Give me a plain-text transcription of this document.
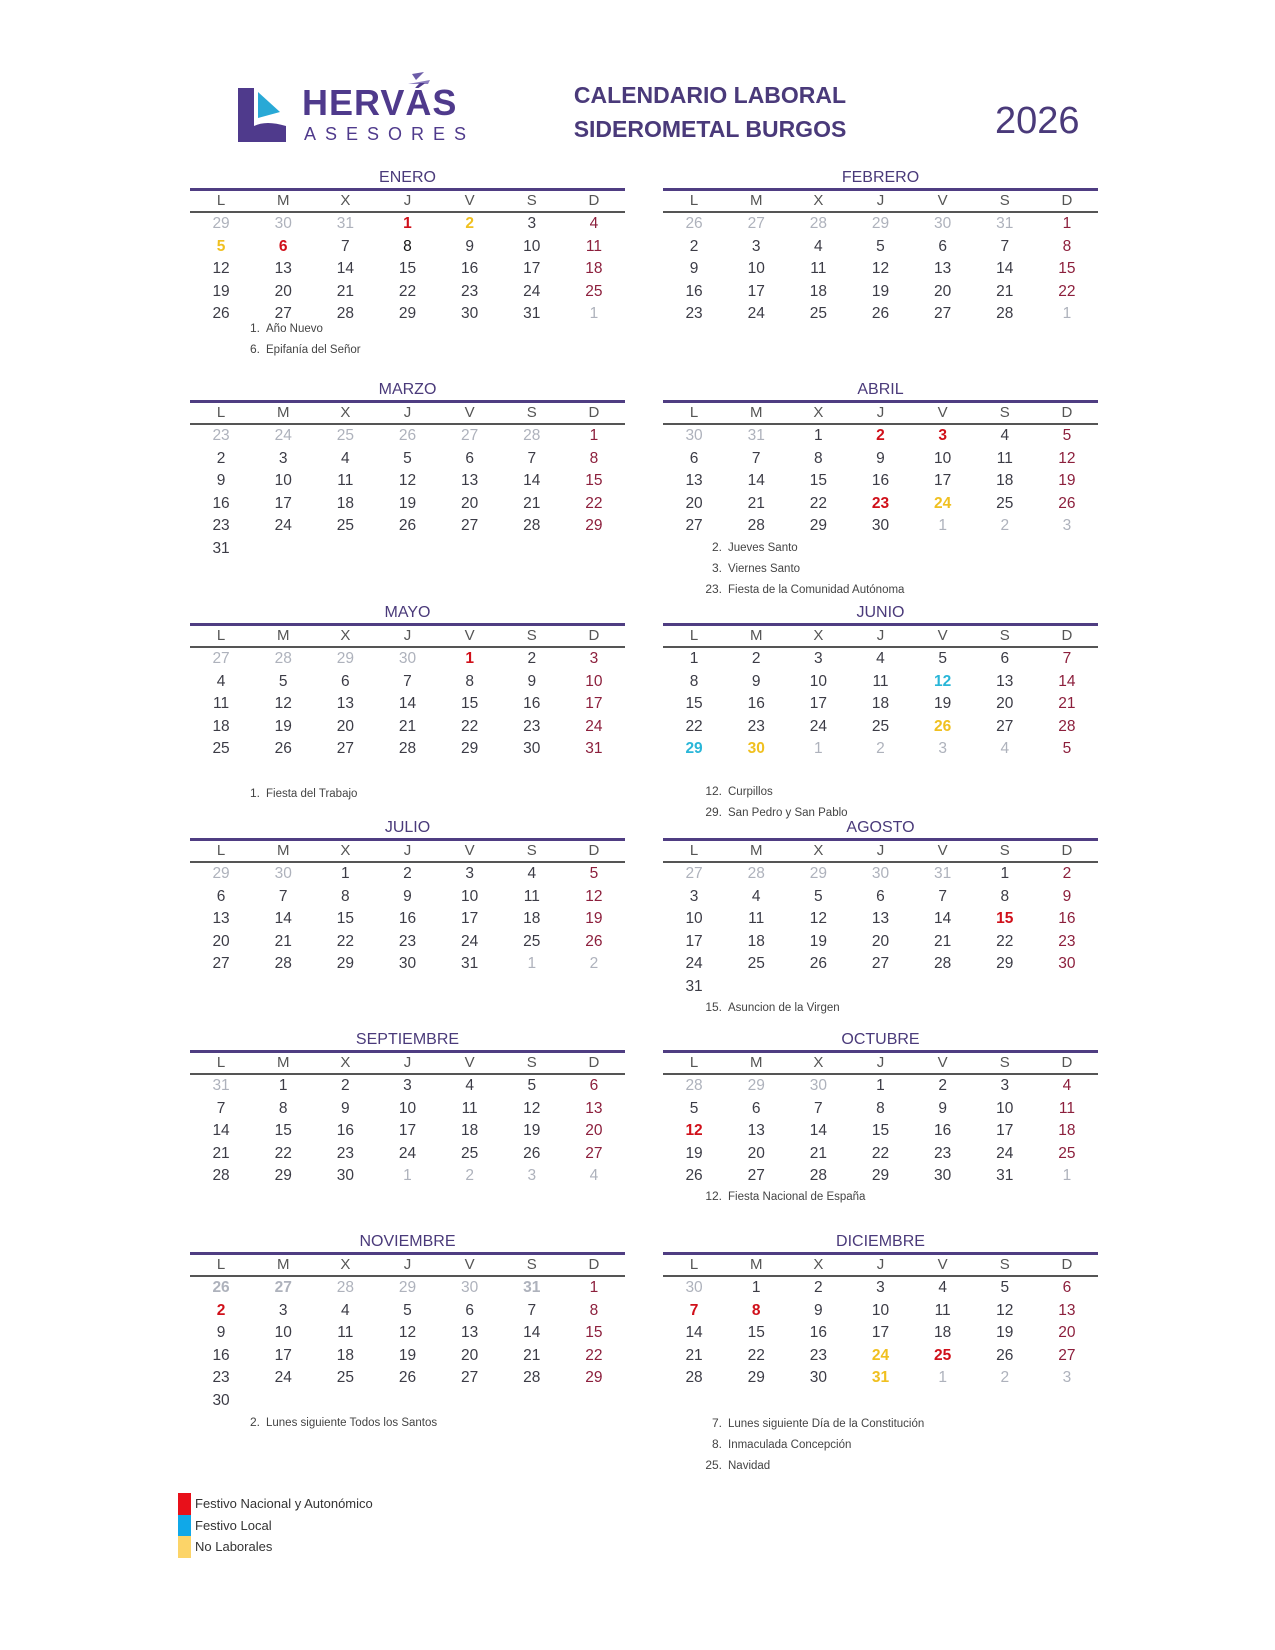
HERVÁS
ASESORES
CALENDARIO LABORAL
SIDEROMETAL BURGOS	2026
ENERO
L	M	X	J	V	S	D
29	30	31	1	2	3	4
5	6	7	8	9	10	11
12	13	14	15	16	17	18
19	20	21	22	23	24	25
26	27	28	29	30	31	1
1. Año Nuevo
6. Epifanía del Señor
FEBRERO
L	M	X	J	V	S	D
26	27	28	29	30	31	1
2	3	4	5	6	7	8
9	10	11	12	13	14	15
16	17	18	19	20	21	22
23	24	25	26	27	28	1
MARZO
L	M	X	J	V	S	D
23	24	25	26	27	28	1
2	3	4	5	6	7	8
9	10	11	12	13	14	15
16	17	18	19	20	21	22
23	24	25	26	27	28	29
31
ABRIL
L	M	X	J	V	S	D
30	31	1	2	3	4	5
6	7	8	9	10	11	12
13	14	15	16	17	18	19
20	21	22	23	24	25	26
27	28	29	30	1	2	3
2. Jueves Santo
3. Viernes Santo
23. Fiesta de la Comunidad Autónoma
MAYO
L	M	X	J	V	S	D
27	28	29	30	1	2	3
4	5	6	7	8	9	10
11	12	13	14	15	16	17
18	19	20	21	22	23	24
25	26	27	28	29	30	31
1. Fiesta del Trabajo
JUNIO
L	M	X	J	V	S	D
1	2	3	4	5	6	7
8	9	10	11	12	13	14
15	16	17	18	19	20	21
22	23	24	25	26	27	28
29	30	1	2	3	4	5
12. Curpillos
29. San Pedro y San Pablo
JULIO
L	M	X	J	V	S	D
29	30	1	2	3	4	5
6	7	8	9	10	11	12
13	14	15	16	17	18	19
20	21	22	23	24	25	26
27	28	29	30	31	1	2
AGOSTO
L	M	X	J	V	S	D
27	28	29	30	31	1	2
3	4	5	6	7	8	9
10	11	12	13	14	15	16
17	18	19	20	21	22	23
24	25	26	27	28	29	30
31
15. Asuncion de la Virgen
SEPTIEMBRE
L	M	X	J	V	S	D
31	1	2	3	4	5	6
7	8	9	10	11	12	13
14	15	16	17	18	19	20
21	22	23	24	25	26	27
28	29	30	1	2	3	4
OCTUBRE
L	M	X	J	V	S	D
28	29	30	1	2	3	4
5	6	7	8	9	10	11
12	13	14	15	16	17	18
19	20	21	22	23	24	25
26	27	28	29	30	31	1
12. Fiesta Nacional de España
NOVIEMBRE
L	M	X	J	V	S	D
26	27	28	29	30	31	1
2	3	4	5	6	7	8
9	10	11	12	13	14	15
16	17	18	19	20	21	22
23	24	25	26	27	28	29
30
2. Lunes siguiente Todos los Santos
DICIEMBRE
L	M	X	J	V	S	D
30	1	2	3	4	5	6
7	8	9	10	11	12	13
14	15	16	17	18	19	20
21	22	23	24	25	26	27
28	29	30	31	1	2	3
7. Lunes siguiente Día de la Constitución
8. Inmaculada Concepción
25. Navidad
Festivo Nacional y Autonómico
Festivo Local
No Laborales
